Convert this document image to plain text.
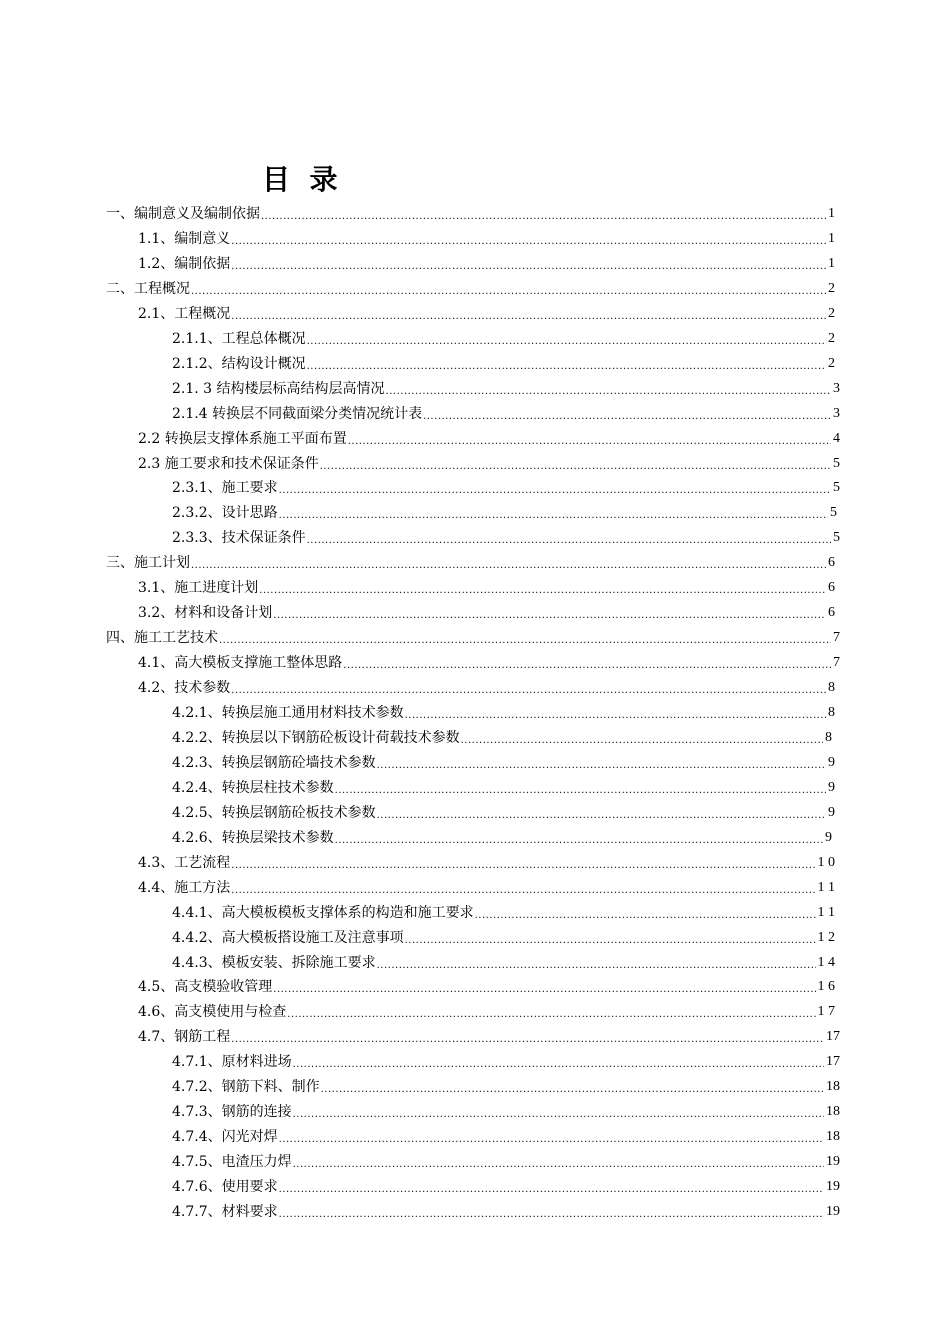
目  录
一、编制意义及编制依据 .....	1
1.1、编制意义 .....	1
1.2、编制依据 .....	1
二、工程概况 .....	2
2.1、工程概况 .....	2
2.1.1、工程总体概况 .....	2
2.1.2、结构设计概况 .....	2
2.1. 3 结构楼层标高结构层高情况 .....	3
2.1.4 转换层不同截面梁分类情况统计表 .....	3
2.2 转换层支撑体系施工平面布置 .....	4
2.3 施工要求和技术保证条件 .....	5
2.3.1、施工要求 .....	5
2.3.2、设计思路 .....	5
2.3.3、技术保证条件 .....	5
三、施工计划 .....	6
3.1、施工进度计划 .....	6
3.2、材料和设备计划 .....	6
四、施工工艺技术 .....	7
4.1、高大模板支撑施工整体思路 .....	7
4.2、技术参数 .....	8
4.2.1、转换层施工通用材料技术参数 .....	8
4.2.2、转换层以下钢筋砼板设计荷载技术参数 .....	8
4.2.3、转换层钢筋砼墙技术参数 .....	9
4.2.4、转换层柱技术参数 .....	9
4.2.5、转换层钢筋砼板技术参数 .....	9
4.2.6、转换层梁技术参数 .....	9
4.3、工艺流程 .....	1 0
4.4、施工方法 .....	1 1
4.4.1、高大模板模板支撑体系的构造和施工要求 .....	1 1
4.4.2、高大模板搭设施工及注意事项 .....	1 2
4.4.3、模板安装、拆除施工要求 .....	1 4
4.5、高支模验收管理 .....	1 6
4.6、高支模使用与检查 .....	1 7
4.7、钢筋工程 .....	17
4.7.1、原材料进场 .....	17
4.7.2、钢筋下料、制作 .....	18
4.7.3、钢筋的连接 .....	18
4.7.4、闪光对焊 .....	18
4.7.5、电渣压力焊 .....	19
4.7.6、使用要求 .....	19
4.7.7、材料要求 .....	19
